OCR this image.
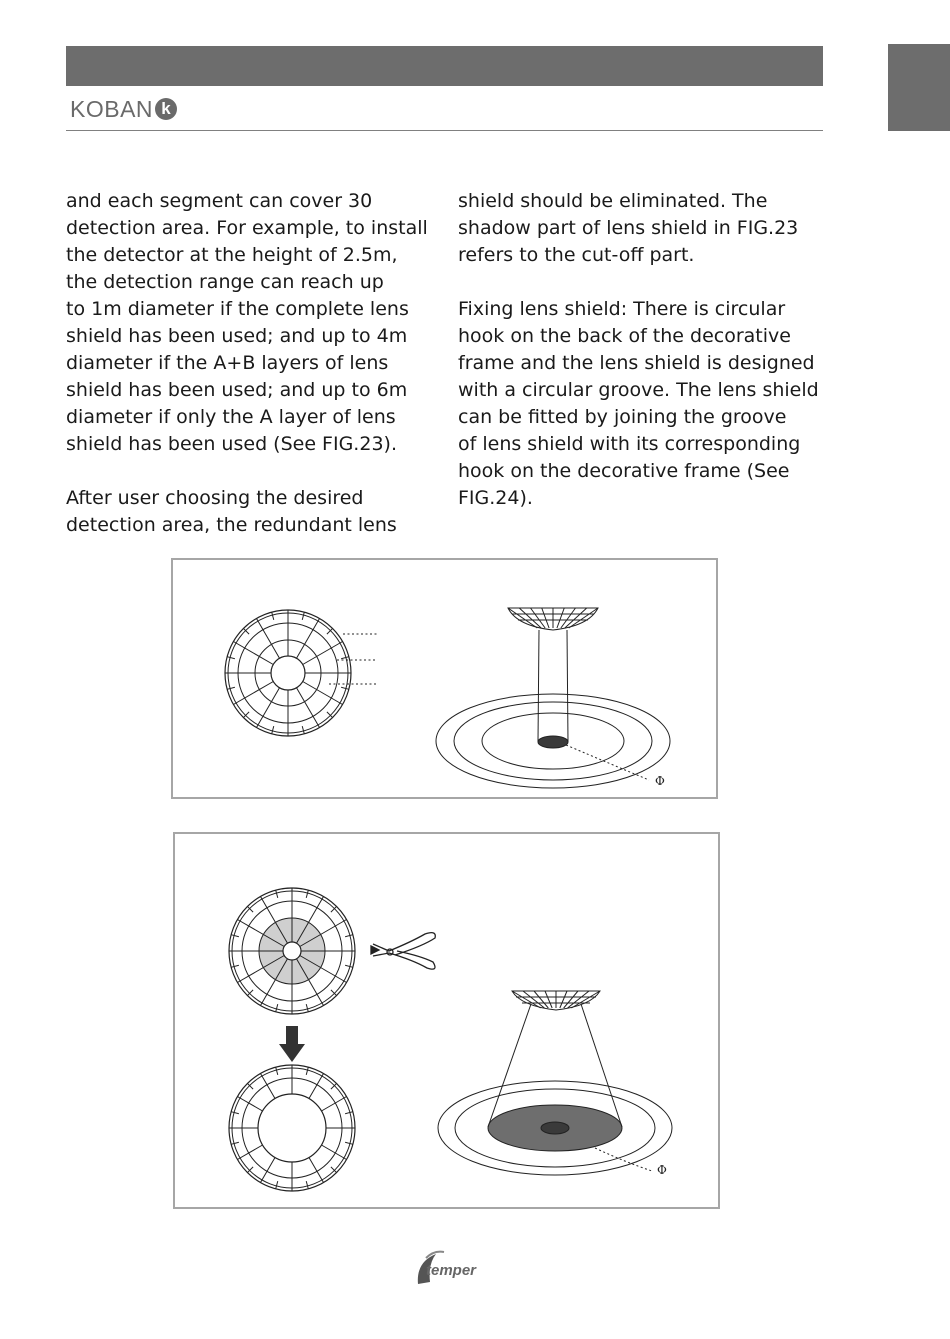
KOBAN k

and each segment can cover 30
detection area. For example, to install
the detector at the height of 2.5m,
the detection range can reach up
to 1m diameter if the complete lens
shield has been used; and up to 4m
diameter if the A+B layers of lens
shield has been used; and up to 6m
diameter if only the A layer of lens
shield has been used (See FIG.23).

After user choosing the desired
detection area, the redundant lens

shield should be eliminated. The
shadow part of lens shield in FIG.23
refers to the cut-off part.

Fixing lens shield: There is circular
hook on the back of the decorative
frame and the lens shield is designed
with a circular groove. The lens shield
can be fitted by joining the groove
of lens shield with its corresponding
hook on the decorative frame (See
FIG.24).

Φ
Φ
temper
